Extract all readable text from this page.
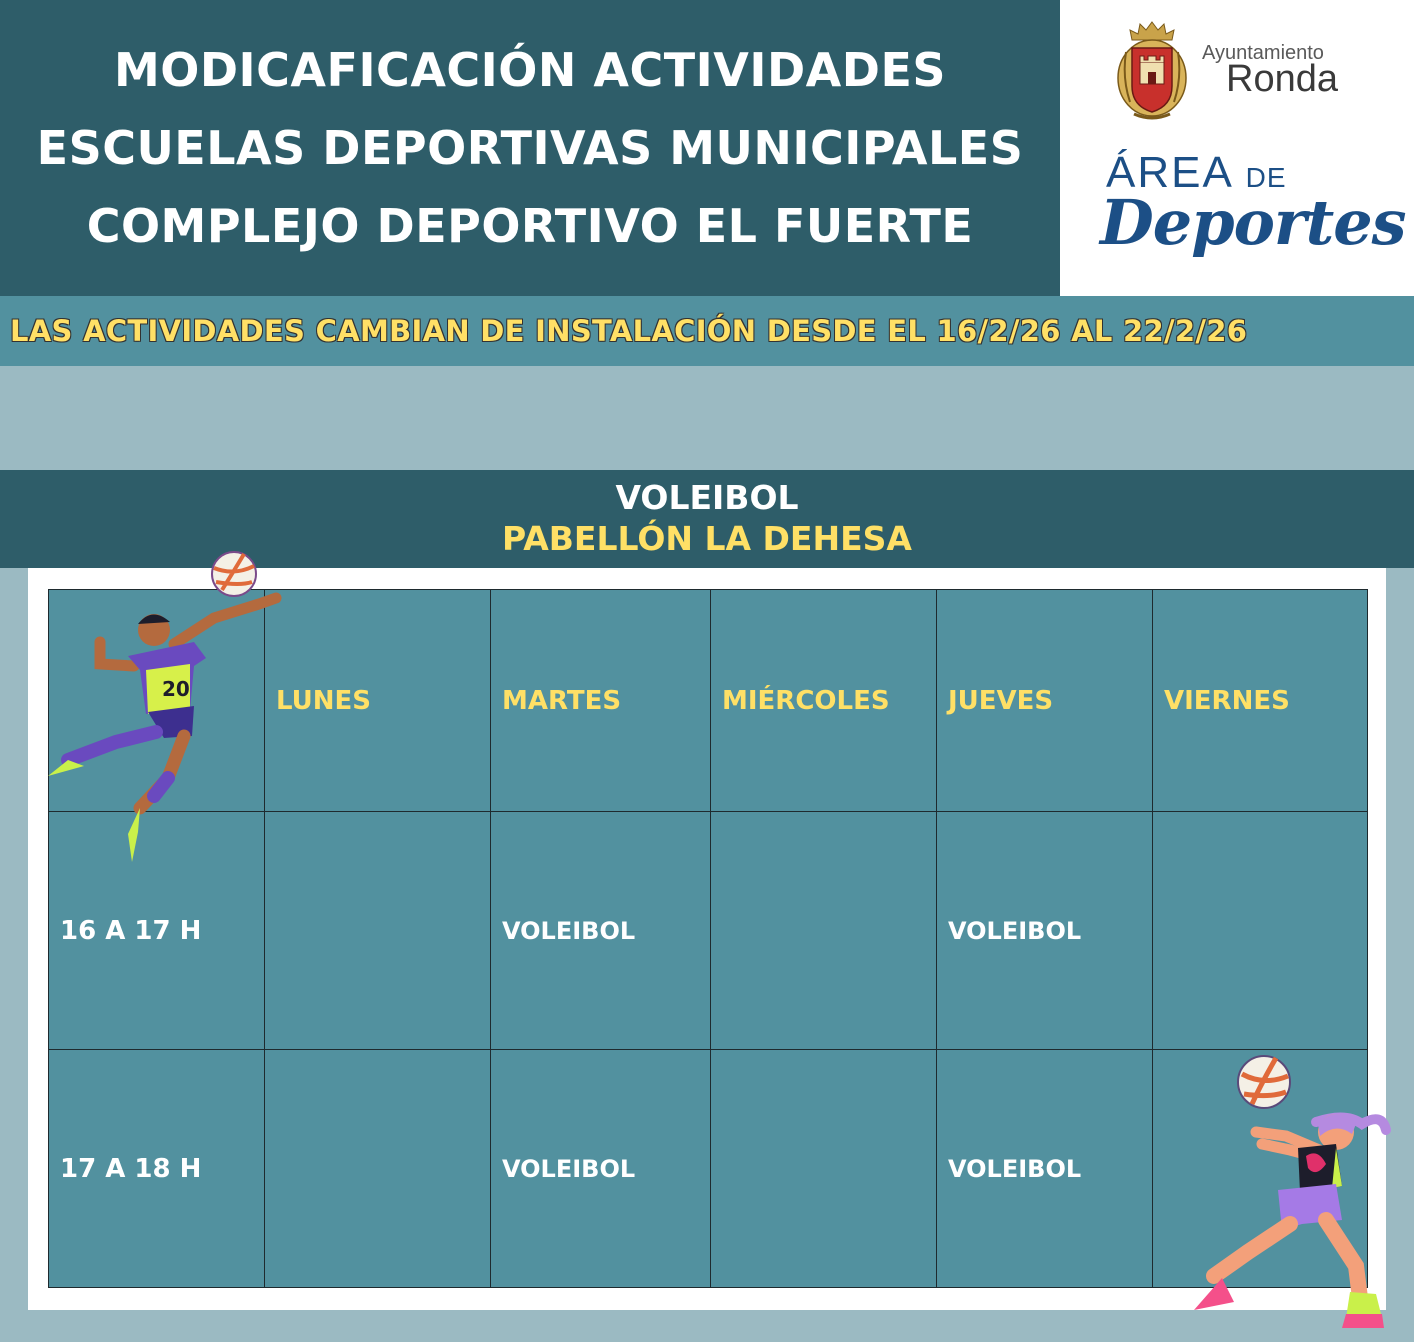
MODICAFICACIÓN ACTIVIDADES
ESCUELAS DEPORTIVAS MUNICIPALES
COMPLEJO DEPORTIVO EL FUERTE
Ayuntamiento
Ronda
ÁREA DE
Deportes
LAS ACTIVIDADES CAMBIAN DE INSTALACIÓN DESDE EL 16/2/26 AL 22/2/26
VOLEIBOL
PABELLÓN LA DEHESA
	LUNES	MARTES	MIÉRCOLES	JUEVES	VIERNES
16 A 17 H		VOLEIBOL		VOLEIBOL	
17 A 18 H		VOLEIBOL		VOLEIBOL	
20
